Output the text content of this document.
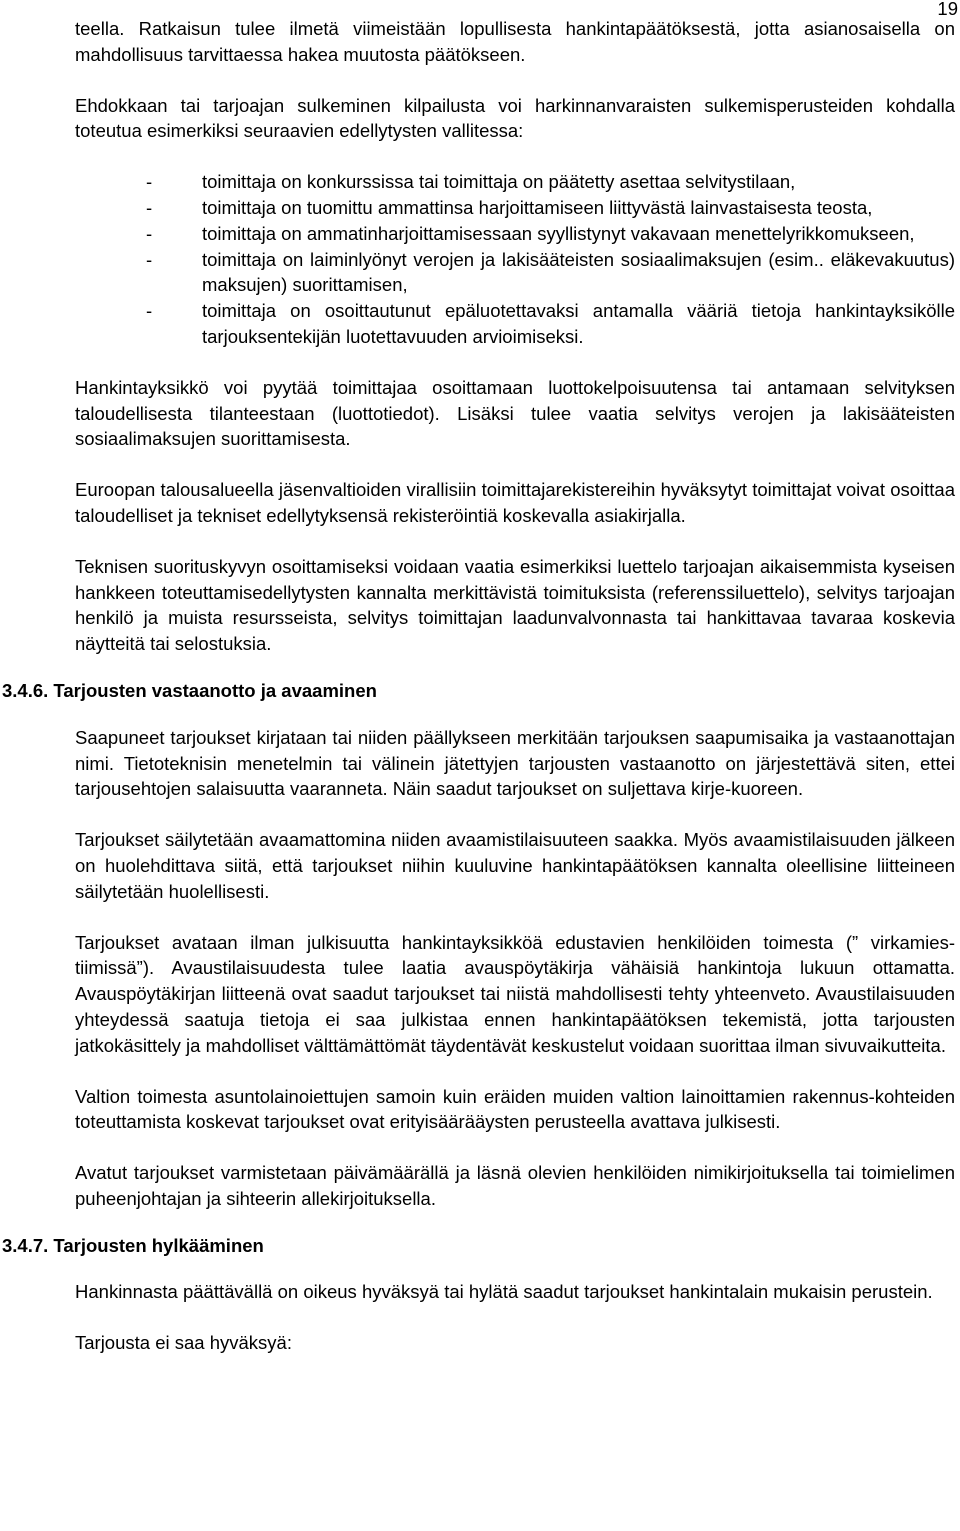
19

teella. Ratkaisun tulee ilmetä viimeistään lopullisesta hankintapäätöksestä, jotta asianosaisella on mahdollisuus tarvittaessa hakea muutosta päätökseen.

Ehdokkaan tai tarjoajan sulkeminen kilpailusta voi harkinnanvaraisten sulkemisperusteiden kohdalla toteutua esimerkiksi seuraavien edellytysten vallitessa:

-	toimittaja on konkurssissa tai toimittaja on päätetty asettaa selvitystilaan,
-	toimittaja on tuomittu ammattinsa harjoittamiseen liittyvästä lainvastaisesta teosta,
-	toimittaja on ammatinharjoittamisessaan syyllistynyt vakavaan menettelyrikkomukseen,
-	toimittaja on laiminlyönyt verojen ja lakisääteisten sosiaalimaksujen (esim.. eläkevakuutus) maksujen) suorittamisen,
-	toimittaja on osoittautunut epäluotettavaksi antamalla vääriä tietoja hankintayksikölle tarjouksentekijän luotettavuuden arvioimiseksi.

Hankintayksikkö voi pyytää toimittajaa osoittamaan luottokelpoisuutensa tai antamaan selvityksen taloudellisesta tilanteestaan (luottotiedot). Lisäksi tulee vaatia selvitys verojen ja lakisääteisten sosiaalimaksujen suorittamisesta.

Euroopan talousalueella jäsenvaltioiden virallisiin toimittajarekistereihin hyväksytyt toimittajat voivat osoittaa taloudelliset ja tekniset edellytyksensä rekisteröintiä koskevalla asiakirjalla.

Teknisen suorituskyvyn osoittamiseksi voidaan vaatia esimerkiksi luettelo tarjoajan aikaisemmista kyseisen hankkeen toteuttamisedellytysten kannalta merkittävistä toimituksista (referenssiluettelo), selvitys tarjoajan henkilö ja muista resursseista, selvitys toimittajan laadunvalvonnasta tai hankittavaa tavaraa koskevia näytteitä tai selostuksia.

3.4.6. Tarjousten vastaanotto ja avaaminen

Saapuneet tarjoukset kirjataan tai niiden päällykseen merkitään tarjouksen saapumisaika ja vastaanottajan nimi. Tietoteknisin menetelmin tai välinein jätettyjen tarjousten vastaanotto on järjestettävä siten, ettei tarjousehtojen salaisuutta vaaranneta. Näin saadut tarjoukset on suljettava kirje-kuoreen.

Tarjoukset säilytetään avaamattomina niiden avaamistilaisuuteen saakka. Myös avaamistilaisuuden jälkeen on huolehdittava siitä, että tarjoukset niihin kuuluvine hankintapäätöksen kannalta oleellisine liitteineen säilytetään huolellisesti.

Tarjoukset avataan ilman julkisuutta hankintayksikköä edustavien henkilöiden toimesta (” virkamies-tiimissä”). Avaustilaisuudesta tulee laatia avauspöytäkirja vähäisiä hankintoja lukuun ottamatta. Avauspöytäkirjan liitteenä ovat saadut tarjoukset tai niistä mahdollisesti tehty yhteenveto. Avaustilaisuuden yhteydessä saatuja tietoja ei saa julkistaa ennen hankintapäätöksen tekemistä, jotta tarjousten jatkokäsittely ja mahdolliset välttämättömät täydentävät keskustelut voidaan suorittaa ilman sivuvaikutteita.

Valtion toimesta asuntolainoiettujen samoin kuin eräiden muiden valtion lainoittamien rakennus-kohteiden toteuttamista koskevat tarjoukset ovat erityisäärääysten perusteella avattava julkisesti.

Avatut tarjoukset varmistetaan päivämäärällä ja läsnä olevien henkilöiden nimikirjoituksella tai toimielimen puheenjohtajan ja sihteerin allekirjoituksella.

3.4.7. Tarjousten hylkääminen

Hankinnasta päättävällä on oikeus hyväksyä tai hylätä saadut tarjoukset hankintalain mukaisin perustein.

Tarjousta ei saa hyväksyä:
